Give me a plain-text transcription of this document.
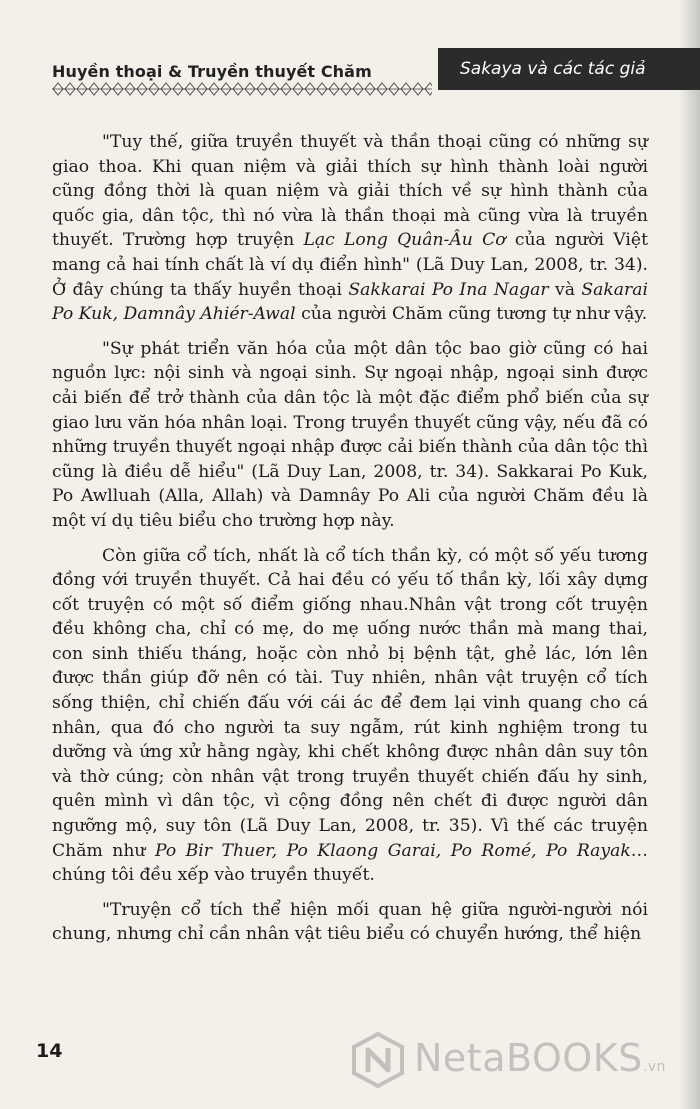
Huyền thoại & Truyền thuyết Chăm	Sakaya và các tác giả

"Tuy thế, giữa truyền thuyết và thần thoại cũng có những sự giao thoa. Khi quan niệm và giải thích sự hình thành loài người cũng đồng thời là quan niệm và giải thích về sự hình thành của quốc gia, dân tộc, thì nó vừa là thần thoại mà cũng vừa là truyền thuyết. Trường hợp truyện Lạc Long Quân-Âu Cơ của người Việt mang cả hai tính chất là ví dụ điển hình" (Lã Duy Lan, 2008, tr. 34). Ở đây chúng ta thấy huyền thoại Sakkarai Po Ina Nagar và Sakarai Po Kuk, Damnây Ahiér-Awal của người Chăm cũng tương tự như vậy.

"Sự phát triển văn hóa của một dân tộc bao giờ cũng có hai nguồn lực: nội sinh và ngoại sinh. Sự ngoại nhập, ngoại sinh được cải biến để trở thành của dân tộc là một đặc điểm phổ biến của sự giao lưu văn hóa nhân loại. Trong truyền thuyết cũng vậy, nếu đã có những truyền thuyết ngoại nhập được cải biến thành của dân tộc thì cũng là điều dễ hiểu" (Lã Duy Lan, 2008, tr. 34). Sakkarai Po Kuk, Po Awlluah (Alla, Allah) và Damnây Po Ali của người Chăm đều là một ví dụ tiêu biểu cho trường hợp này.

Còn giữa cổ tích, nhất là cổ tích thần kỳ, có một số yếu tương đồng với truyền thuyết. Cả hai đều có yếu tố thần kỳ, lối xây dựng cốt truyện có một số điểm giống nhau.Nhân vật trong cốt truyện đều không cha, chỉ có mẹ, do mẹ uống nước thần mà mang thai, con sinh thiếu tháng, hoặc còn nhỏ bị bệnh tật, ghẻ lác, lớn lên được thần giúp đỡ nên có tài. Tuy nhiên, nhân vật truyện cổ tích sống thiện, chỉ chiến đấu với cái ác để đem lại vinh quang cho cá nhân, qua đó cho người ta suy ngẫm, rút kinh nghiệm trong tu dưỡng và ứng xử hằng ngày, khi chết không được nhân dân suy tôn và thờ cúng; còn nhân vật trong truyền thuyết chiến đấu hy sinh, quên mình vì dân tộc, vì cộng đồng nên chết đi được người dân ngưỡng mộ, suy tôn (Lã Duy Lan, 2008, tr. 35). Vì thế các truyện Chăm như Po Bir Thuer, Po Klaong Garai, Po Romé, Po Rayak… chúng tôi đều xếp vào truyền thuyết.

"Truyện cổ tích thể hiện mối quan hệ giữa người-người nói chung, nhưng chỉ cần nhân vật tiêu biểu có chuyển hướng, thể hiện

14	NetaBOOKS.vn
